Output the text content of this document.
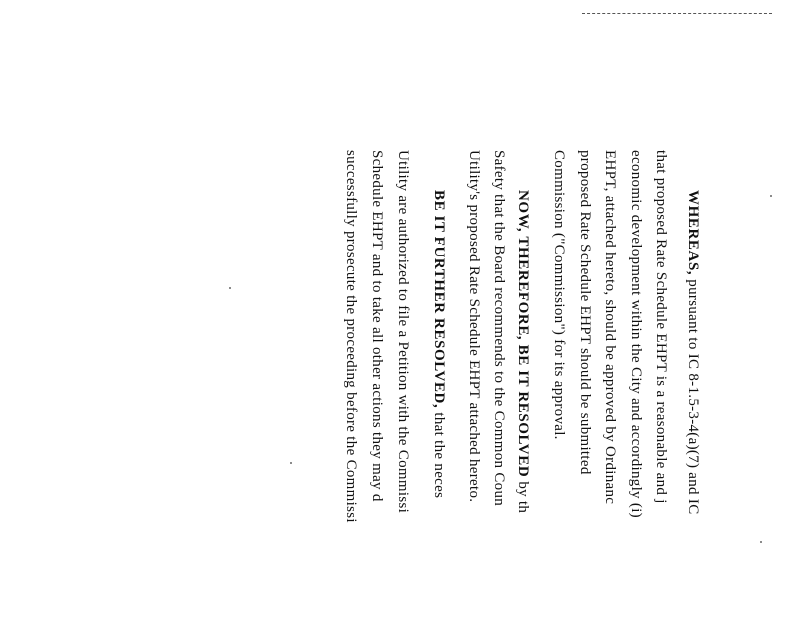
WHEREAS, pursuant to IC 8-1.5-3-4(a)(7) and IC
that proposed Rate Schedule EHPT is a reasonable and j
economic development within the City and accordingly (i)
EHPT, attached hereto, should be approved by Ordinanc
proposed Rate Schedule EHPT should be submitted
Commission ("Commission") for its approval.
NOW, THEREFORE, BE IT RESOLVED by th
Safety that the Board recommends to the Common Coun
Utility's proposed Rate Schedule EHPT attached hereto.
BE IT FURTHER RESOLVED, that the neces
Utility are authorized to file a Petition with the Commissi
Schedule EHPT and to take all other actions they may d
successfully prosecute the proceeding before the Commissi
